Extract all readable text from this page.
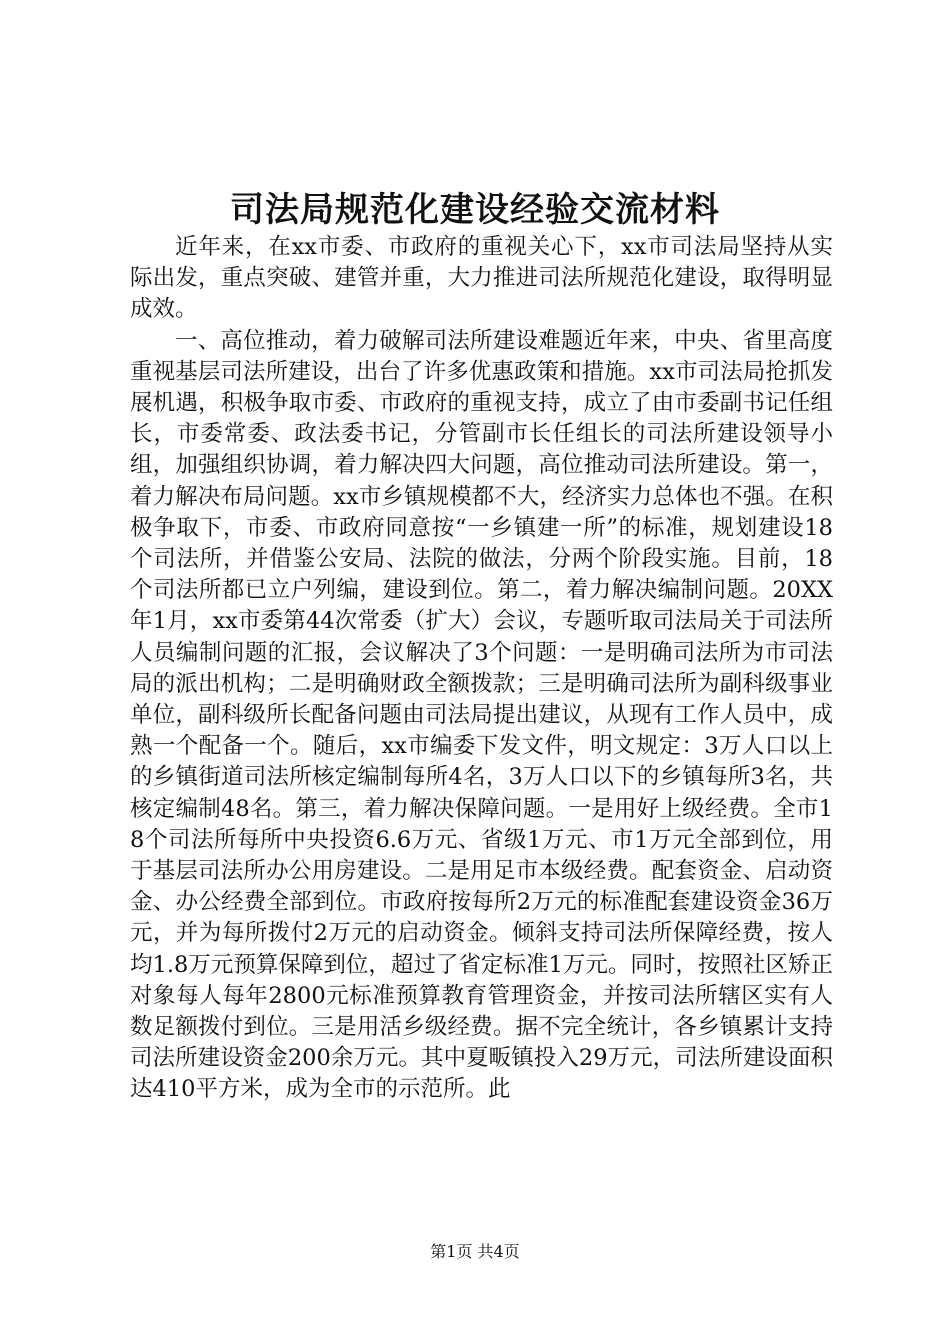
司法局规范化建设经验交流材料

近年来，在xx市委、市政府的重视关心下，xx市司法局坚持从实际出发，重点突破、建管并重，大力推进司法所规范化建设，取得明显成效。

一、高位推动，着力破解司法所建设难题近年来，中央、省里高度重视基层司法所建设，出台了许多优惠政策和措施。xx市司法局抢抓发展机遇，积极争取市委、市政府的重视支持，成立了由市委副书记任组长，市委常委、政法委书记，分管副市长任组长的司法所建设领导小组，加强组织协调，着力解决四大问题，高位推动司法所建设。第一，着力解决布局问题。xx市乡镇规模都不大，经济实力总体也不强。在积极争取下，市委、市政府同意按“一乡镇建一所”的标准，规划建设18个司法所，并借鉴公安局、法院的做法，分两个阶段实施。目前，18个司法所都已立户列编，建设到位。第二，着力解决编制问题。20XX年1月，xx市委第44次常委（扩大）会议，专题听取司法局关于司法所人员编制问题的汇报，会议解决了3个问题：一是明确司法所为市司法局的派出机构；二是明确财政全额拨款；三是明确司法所为副科级事业单位，副科级所长配备问题由司法局提出建议，从现有工作人员中，成熟一个配备一个。随后，xx市编委下发文件，明文规定：3万人口以上的乡镇街道司法所核定编制每所4名，3万人口以下的乡镇每所3名，共核定编制48名。第三，着力解决保障问题。一是用好上级经费。全市18个司法所每所中央投资6.6万元、省级1万元、市1万元全部到位，用于基层司法所办公用房建设。二是用足市本级经费。配套资金、启动资金、办公经费全部到位。市政府按每所2万元的标准配套建设资金36万元，并为每所拨付2万元的启动资金。倾斜支持司法所保障经费，按人均1.8万元预算保障到位，超过了省定标准1万元。同时，按照社区矫正对象每人每年2800元标准预算教育管理资金，并按司法所辖区实有人数足额拨付到位。三是用活乡级经费。据不完全统计，各乡镇累计支持司法所建设资金200余万元。其中夏畈镇投入29万元，司法所建设面积达410平方米，成为全市的示范所。此

第1页 共4页
